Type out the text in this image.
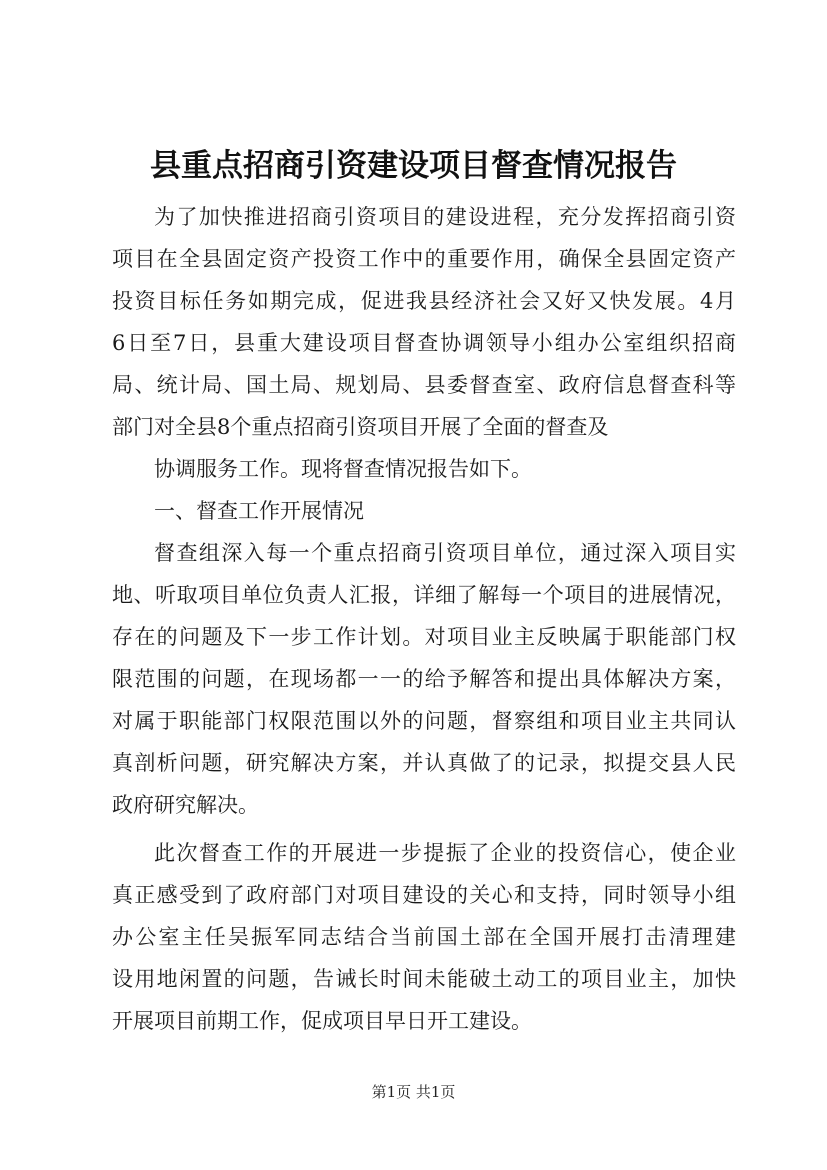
县重点招商引资建设项目督查情况报告
为了加快推进招商引资项目的建设进程，充分发挥招商引资
项目在全县固定资产投资工作中的重要作用，确保全县固定资产
投资目标任务如期完成，促进我县经济社会又好又快发展。4月
6日至7日，县重大建设项目督查协调领导小组办公室组织招商
局、统计局、国土局、规划局、县委督查室、政府信息督查科等
部门对全县8个重点招商引资项目开展了全面的督查及
协调服务工作。现将督查情况报告如下。
一、督查工作开展情况
督查组深入每一个重点招商引资项目单位，通过深入项目实
地、听取项目单位负责人汇报，详细了解每一个项目的进展情况，
存在的问题及下一步工作计划。对项目业主反映属于职能部门权
限范围的问题，在现场都一一的给予解答和提出具体解决方案，
对属于职能部门权限范围以外的问题，督察组和项目业主共同认
真剖析问题，研究解决方案，并认真做了的记录，拟提交县人民
政府研究解决。
此次督查工作的开展进一步提振了企业的投资信心，使企业
真正感受到了政府部门对项目建设的关心和支持，同时领导小组
办公室主任吴振军同志结合当前国土部在全国开展打击清理建
设用地闲置的问题，告诫长时间未能破土动工的项目业主，加快
开展项目前期工作，促成项目早日开工建设。
第1页 共1页
